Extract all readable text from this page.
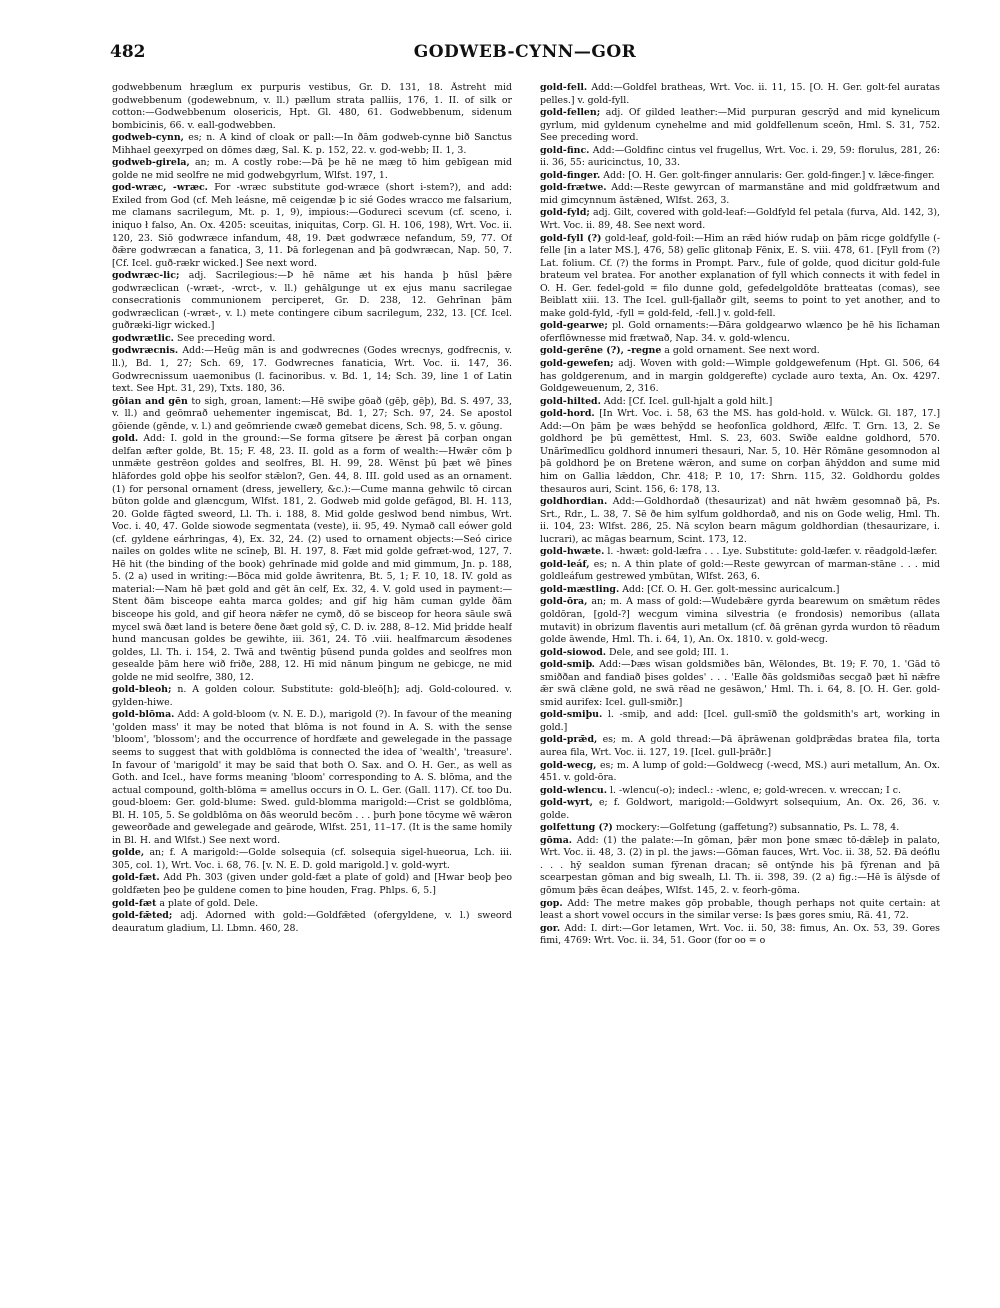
482	GODWEB-CYNN—GOR

godwebbenum hræglum ex purpuris vestibus, Gr. D. 131, 18. Ästreht mid godwebbenum (godewebnum, v. ll.) pællum strata palliis, 176, 1. II. of silk or cotton:—Godwebbenum olosericis, Hpt. Gl. 480, 61. Godwebbenum, sidenum bombicinis, 66. v. eall-godwebben.

godweb-cynn, es; n. A kind of cloak or pall:—In ðām godweb-cynne bið Sanctus Mihhael geexyrped on dōmes dæg, Sal. K. p. 152, 22. v. god-webb; II. 1, 3.

godweb-girela, an; m. A costly robe:—Þā þe hē ne mæg tō him gebīgean mid golde ne mid seolfre ne mid godwebgyrlum, Wlfst. 197, 1.

god-wræc, -wræc. For -wræc substitute god-wræce (short i-stem?), and add: Exiled from God (cf. Meh leásne, mē ceigendæ þ ic sié Godes wracco me falsarium, me clamans sacrilegum, Mt. p. 1, 9), impious:—Godureci scevum (cf. sceno, i. iniquo ł falso, An. Ox. 4205: sceuitas, iniquitas, Corp. Gl. H. 106, 198), Wrt. Voc. ii. 120, 23. Siō godwræce infandum, 48, 19. Þæt godwræce nefandum, 59, 77. Of ðǣre godwræcan a fanatica, 3, 11. Þā forlegenan and þā godwræcan, Nap. 50, 7. [Cf. Icel. guð-rækr wicked.] See next word.

godwræc-lic; adj. Sacrilegious:—Þ hē nāme æt his handa þ hūsl þǣre godwræclican (-wræt-, -wrct-, v. ll.) gehālgunge ut ex ejus manu sacrilegae consecrationis communionem perciperet, Gr. D. 238, 12. Gehrīnan þām godwræclican (-wræt-, v. l.) mete contingere cibum sacrilegum, 232, 13. [Cf. Icel. guðræki-ligr wicked.]

godwrætlic. See preceding word.

godwræcnis. Add:—Heūg mān is and godwrecnes (Godes wrecnys, godfrecnis, v. ll.), Bd. 1, 27; Sch. 69, 17. Godwrecnes fanaticia, Wrt. Voc. ii. 147, 36. Godwrecnissum uaemonibus (l. facinoribus. v. Bd. 1, 14; Sch. 39, line 1 of Latin text. See Hpt. 31, 29), Txts. 180, 36.

gōian and gēn to sigh, groan, lament:—Hē swiþe gōað (gēþ, gēþ), Bd. S. 497, 33, v. ll.) and geōmrað uehementer ingemiscat, Bd. 1, 27; Sch. 97, 24. Se apostol gōiende (gēnde, v. l.) and geōmriende cwæð gemebat dicens, Sch. 98, 5. v. gōung.

gold. Add: I. gold in the ground:—Se forma gītsere þe ǣrest þā corþan ongan delfan æfter golde, Bt. 15; F. 48, 23. II. gold as a form of wealth:—Hwǣr cōm þ unmǣte gestrēon goldes and seolfres, Bl. H. 99, 28. Wēnst þū þæt wē þīnes hlāfordes gold oþþe his seolfor stǣlon?, Gen. 44, 8. III. gold used as an ornament. (1) for personal ornament (dress, jewellery, &c.):—Cume manna gehwilc tō circan būton golde and glæncgum, Wlfst. 181, 2. Godweb mid golde gefāgod, Bl. H. 113, 20. Golde fāgted sweord, Ll. Th. i. 188, 8. Mid golde geslwod bend nimbus, Wrt. Voc. i. 40, 47. Golde siowode segmentata (veste), ii. 95, 49. Nymað call eówer gold (cf. gyldene eárhringas, 4), Ex. 32, 24. (2) used to ornament objects:—Seó cirice nailes on goldes wlite ne scīneþ, Bl. H. 197, 8. Fæt mid golde gefræt-wod, 127, 7. Hē hit (the binding of the book) gehrīnade mid golde and mid gimmum, Jn. p. 188, 5. (2 a) used in writing:—Bōca mid golde āwritenra, Bt. 5, 1; F. 10, 18. IV. gold as material:—Nam hē þæt gold and gēt ān celf, Ex. 32, 4. V. gold used in payment:—Stent ðām bisceope eahta marca goldes; and gif hig hām cuman gylde ðām bisceope his gold, and gif heora nǣfer ne cymð, dō se bisceop for heora sāule swā mycel swā ðæt land is betere ðene ðæt gold sȳ, C. D. iv. 288, 8–12. Mid þridde healf hund mancusan goldes be gewihte, iii. 361, 24. Tō .viii. healfmarcum ǣsodenes goldes, Ll. Th. i. 154, 2. Twā and twēntig þūsend punda goldes and seolfres mon gesealde þām here wið friðe, 288, 12. Hī mid nānum þingum ne gebicge, ne mid golde ne mid seolfre, 380, 12.

gold-bleoh; n. A golden colour. Substitute: gold-bleō[h]; adj. Gold-coloured. v. gylden-hiwe.

gold-blōma. Add: A gold-bloom (v. N. E. D.), marigold (?). In favour of the meaning 'golden mass' it may be noted that blōma is not found in A. S. with the sense 'bloom', 'blossom'; and the occurrence of hordfæte and gewelegade in the passage seems to suggest that with goldblōma is connected the idea of 'wealth', 'treasure'. In favour of 'marigold' it may be said that both O. Sax. and O. H. Ger., as well as Goth. and Icel., have forms meaning 'bloom' corresponding to A. S. blōma, and the actual compound, golth-blōma = amellus occurs in O. L. Ger. (Gall. 117). Cf. too Du. goud-bloem: Ger. gold-blume: Swed. guld-blomma marigold:—Crist se goldblōma, Bl. H. 105, 5. Se goldblōma on ðās weoruld becōm . . . þurh þone tōcyme wē wǣron geweorðade and gewelegade and geārode, Wlfst. 251, 11–17. (It is the same homily in Bl. H. and Wlfst.) See next word.

golde, an; f. A marigold:—Golde solsequia (cf. solsequia sigel-hueorua, Lch. iii. 305, col. 1), Wrt. Voc. i. 68, 76. [v. N. E. D. gold marigold.] v. gold-wyrt.

gold-fæt. Add Ph. 303 (given under gold-fæt a plate of gold) and [Hwar beoþ þeo goldfæten þeo þe guldene comen to þine houden, Frag. Phlps. 6, 5.]

gold-fæt a plate of gold. Dele.

gold-fǣted; adj. Adorned with gold:—Goldfǣted (ofergyldene, v. l.) sweord deauratum gladium, Ll. Lbmn. 460, 28.

gold-fell. Add:—Goldfel bratheas, Wrt. Voc. ii. 11, 15. [O. H. Ger. golt-fel auratas pelles.] v. gold-fyll.

gold-fellen; adj. Of gilded leather:—Mid purpuran gescrȳd and mid kynelicum gyrlum, mid gyldenum cynehelme and mid goldfellenum sceōn, Hml. S. 31, 752. See preceding word.

gold-finc. Add:—Goldfinc cintus vel frugellus, Wrt. Voc. i. 29, 59: florulus, 281, 26: ii. 36, 55: auricinctus, 10, 33.

gold-finger. Add: [O. H. Ger. golt-finger annularis: Ger. gold-finger.] v. lǣce-finger.

gold-frætwe. Add:—Reste gewyrcan of marmanstāne and mid goldfrætwum and mid gimcynnum āstǣned, Wlfst. 263, 3.

gold-fyld; adj. Gilt, covered with gold-leaf:—Goldfyld fel petala (furva, Ald. 142, 3), Wrt. Voc. ii. 89, 48. See next word.

gold-fyll (?) gold-leaf, gold-foil:—Him an rǣd hiów rudaþ on þām ricge goldfylle (-felle [in a later MS.], 476, 58) gelīc glitonaþ Fēnix, E. S. viii. 478, 61. [Fyll from (?) Lat. folium. Cf. (?) the forms in Prompt. Parv., fule of golde, quod dicitur gold-fule brateum vel bratea. For another explanation of fyll which connects it with fedel in O. H. Ger. fedel-gold = filo dunne gold, gefedelgoldōte bratteatas (comas), see Beiblatt xiii. 13. The Icel. gull-fjallaðr gilt, seems to point to yet another, and to make gold-fyld, -fyll = gold-feld, -fell.] v. gold-fell.

gold-gearwe; pl. Gold ornaments:—Ðāra goldgearwo wlænco þe hē his līchaman oferflōwnesse mid frætwað, Nap. 34. v. gold-wlencu.

gold-gerēne (?), -regne a gold ornament. See next word.

gold-gewefen; adj. Woven with gold:—Wimple goldgewefenum (Hpt. Gl. 506, 64 has goldgerenum, and in margin goldgerefte) cyclade auro texta, An. Ox. 4297. Goldgeweuenum, 2, 316.

gold-hilted. Add: [Cf. Icel. gull-hjalt a gold hilt.]

gold-hord. [In Wrt. Voc. i. 58, 63 the MS. has gold-hold. v. Wülck. Gl. 187, 17.] Add:—On þām þe wæs behȳdd se heofonlīca goldhord, Ælfc. T. Grn. 13, 2. Se goldhord þe þū gemēttest, Hml. S. 23, 603. Swīðe ealdne goldhord, 570. Unārīmedlīcu goldhord innumeri thesauri, Nar. 5, 10. Hēr Rōmāne gesomnodon al þā goldhord þe on Bretene wǣron, and sume on corþan āhȳddon and sume mid him on Gallia lǣddon, Chr. 418; P. 10, 17: Shrn. 115, 32. Goldhordu goldes thesauros auri, Scint. 156, 6: 178, 13.

goldhordian. Add:—Goldhordað (thesaurizat) and nāt hwǣm gesomnað þā, Ps. Srt., Rdr., L. 38, 7. Sē ðe him sylfum goldhordað, and nis on Gode welig, Hml. Th. ii. 104, 23: Wlfst. 286, 25. Nā scylon bearn māgum goldhordian (thesaurizare, i. lucrari), ac māgas bearnum, Scint. 173, 12.

gold-hwæte. l. -hwæt: gold-læfra . . . Lye. Substitute: gold-læfer. v. rēadgold-læfer.

gold-leáf, es; n. A thin plate of gold:—Reste gewyrcan of marman-stāne . . . mid goldleáfum gestrewed ymbūtan, Wlfst. 263, 6.

gold-mæstling. Add: [Cf. O. H. Ger. golt-messinc auricalcum.]

gold-ōra, an; m. A mass of gold:—Wudebǣre gyrda bearewum on smǣtum rēdes goldōran, [gold-?] wecgum vimina silvestria (e frondosis) nemoribus (allata mutavit) in obrizum flaventis auri metallum (cf. ðā grēnan gyrda wurdon tō rēadum golde āwende, Hml. Th. i. 64, 1), An. Ox. 1810. v. gold-wecg.

gold-siowod. Dele, and see gold; III. 1.

gold-smiþ. Add:—Þæs wīsan goldsmiðes bān, Wēlondes, Bt. 19; F. 70, 1. 'Gād tō smiððan and fandiað þises goldes' . . . 'Ealle ðās goldsmiðas secgað þæt hī nǣfre ǣr swā clǣne gold, ne swā rēad ne gesāwon,' Hml. Th. i. 64, 8. [O. H. Ger. gold-smid aurifex: Icel. gull-smiðr.]

gold-smiþu. l. -smiþ, and add: [Icel. gull-smīð the goldsmith's art, working in gold.]

gold-prǣd, es; m. A gold thread:—Þā āþrāwenan goldþrǣdas bratea fila, torta aurea fila, Wrt. Voc. ii. 127, 19. [Icel. gull-þrāðr.]

gold-wecg, es; m. A lump of gold:—Goldwecg (-wecd, MS.) auri metallum, An. Ox. 451. v. gold-ōra.

gold-wlencu. l. -wlencu(-o); indecl.: -wlenc, e; gold-wrecen. v. wreccan; I c.

gold-wyrt, e; f. Goldwort, marigold:—Goldwyrt solsequium, An. Ox. 26, 36. v. golde.

golfettung (?) mockery:—Golfetung (gaffetung?) subsannatio, Ps. L. 78, 4.

gōma. Add: (1) the palate:—In gōman, þǣr mon þone smæc tō-dǣleþ in palato, Wrt. Voc. ii. 48, 3. (2) in pl. the jaws:—Gōman fauces, Wrt. Voc. ii. 38, 52. Ðā deóflu . . . hȳ sealdon suman fȳrenan dracan; sē ontȳnde his þā fȳrenan and þā scearpestan gōman and big swealh, Ll. Th. ii. 398, 39. (2 a) fig.:—Hē īs ālȳsde of gōmum þǣs ēcan deáþes, Wlfst. 145, 2. v. feorh-gōma.

gop. Add: The metre makes gōp probable, though perhaps not quite certain: at least a short vowel occurs in the similar verse: Is þæs gores smiu, Rä. 41, 72.

gor. Add: I. dirt:—Gor letamen, Wrt. Voc. ii. 50, 38: fimus, An. Ox. 53, 39. Gores fimi, 4769: Wrt. Voc. ii. 34, 51. Goor (for oo = o
